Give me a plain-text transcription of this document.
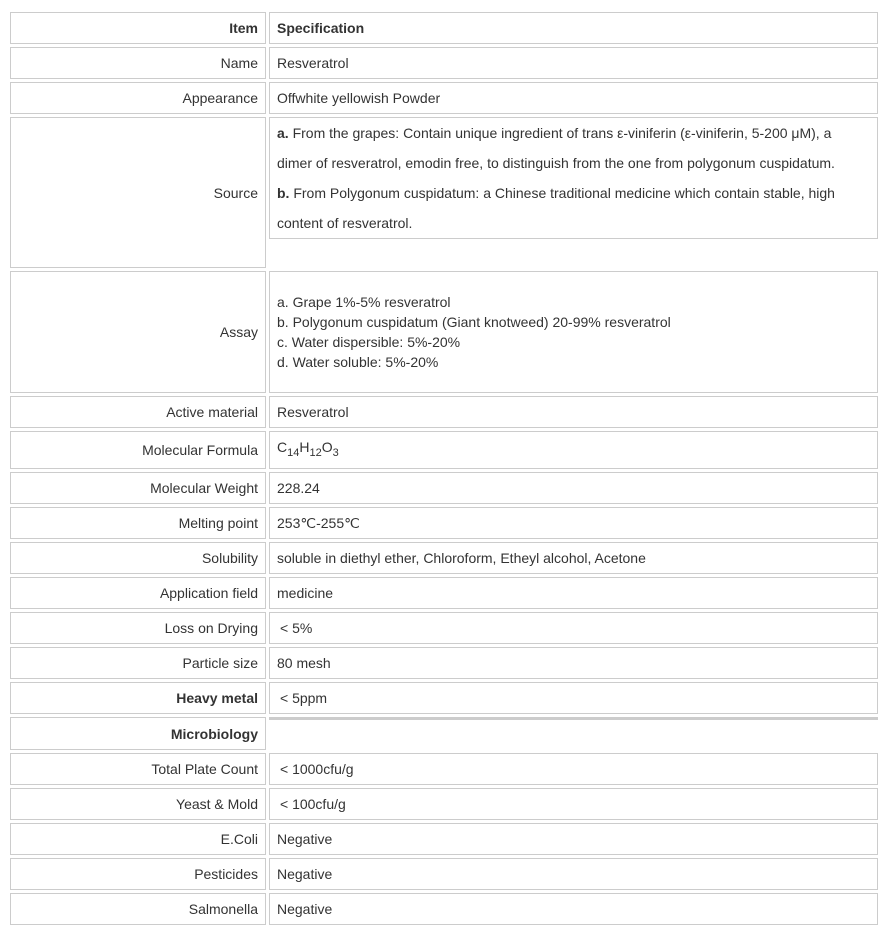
Item	Specification
Name	Resveratrol
Appearance	Offwhite yellowish Powder
Source	a. From the grapes: Contain unique ingredient of trans ε-viniferin (ε-viniferin, 5-200 μM), a dimer of resveratrol, emodin free, to distinguish from the one from polygonum cuspidatum.
b. From Polygonum cuspidatum: a Chinese traditional medicine which contain stable, high content of resveratrol.

Assay	a. Grape 1%-5% resveratrol
b. Polygonum cuspidatum (Giant knotweed) 20-99% resveratrol
c. Water dispersible: 5%-20%
d. Water soluble: 5%-20%

Active material	Resveratrol
Molecular Formula	$C_{14}H_{12}O_3$
Molecular Weight	228.24
Melting point	253℃-255℃
Solubility	soluble in diethyl ether, Chloroform, Etheyl alcohol, Acetone
Application field	medicine
Loss on Drying	< 5%
Particle size	80 mesh
Heavy metal	< 5ppm
Microbiology	
Total Plate Count	< 1000cfu/g
Yeast & Mold	< 100cfu/g
E.Coli	Negative
Pesticides	Negative
Salmonella	Negative
